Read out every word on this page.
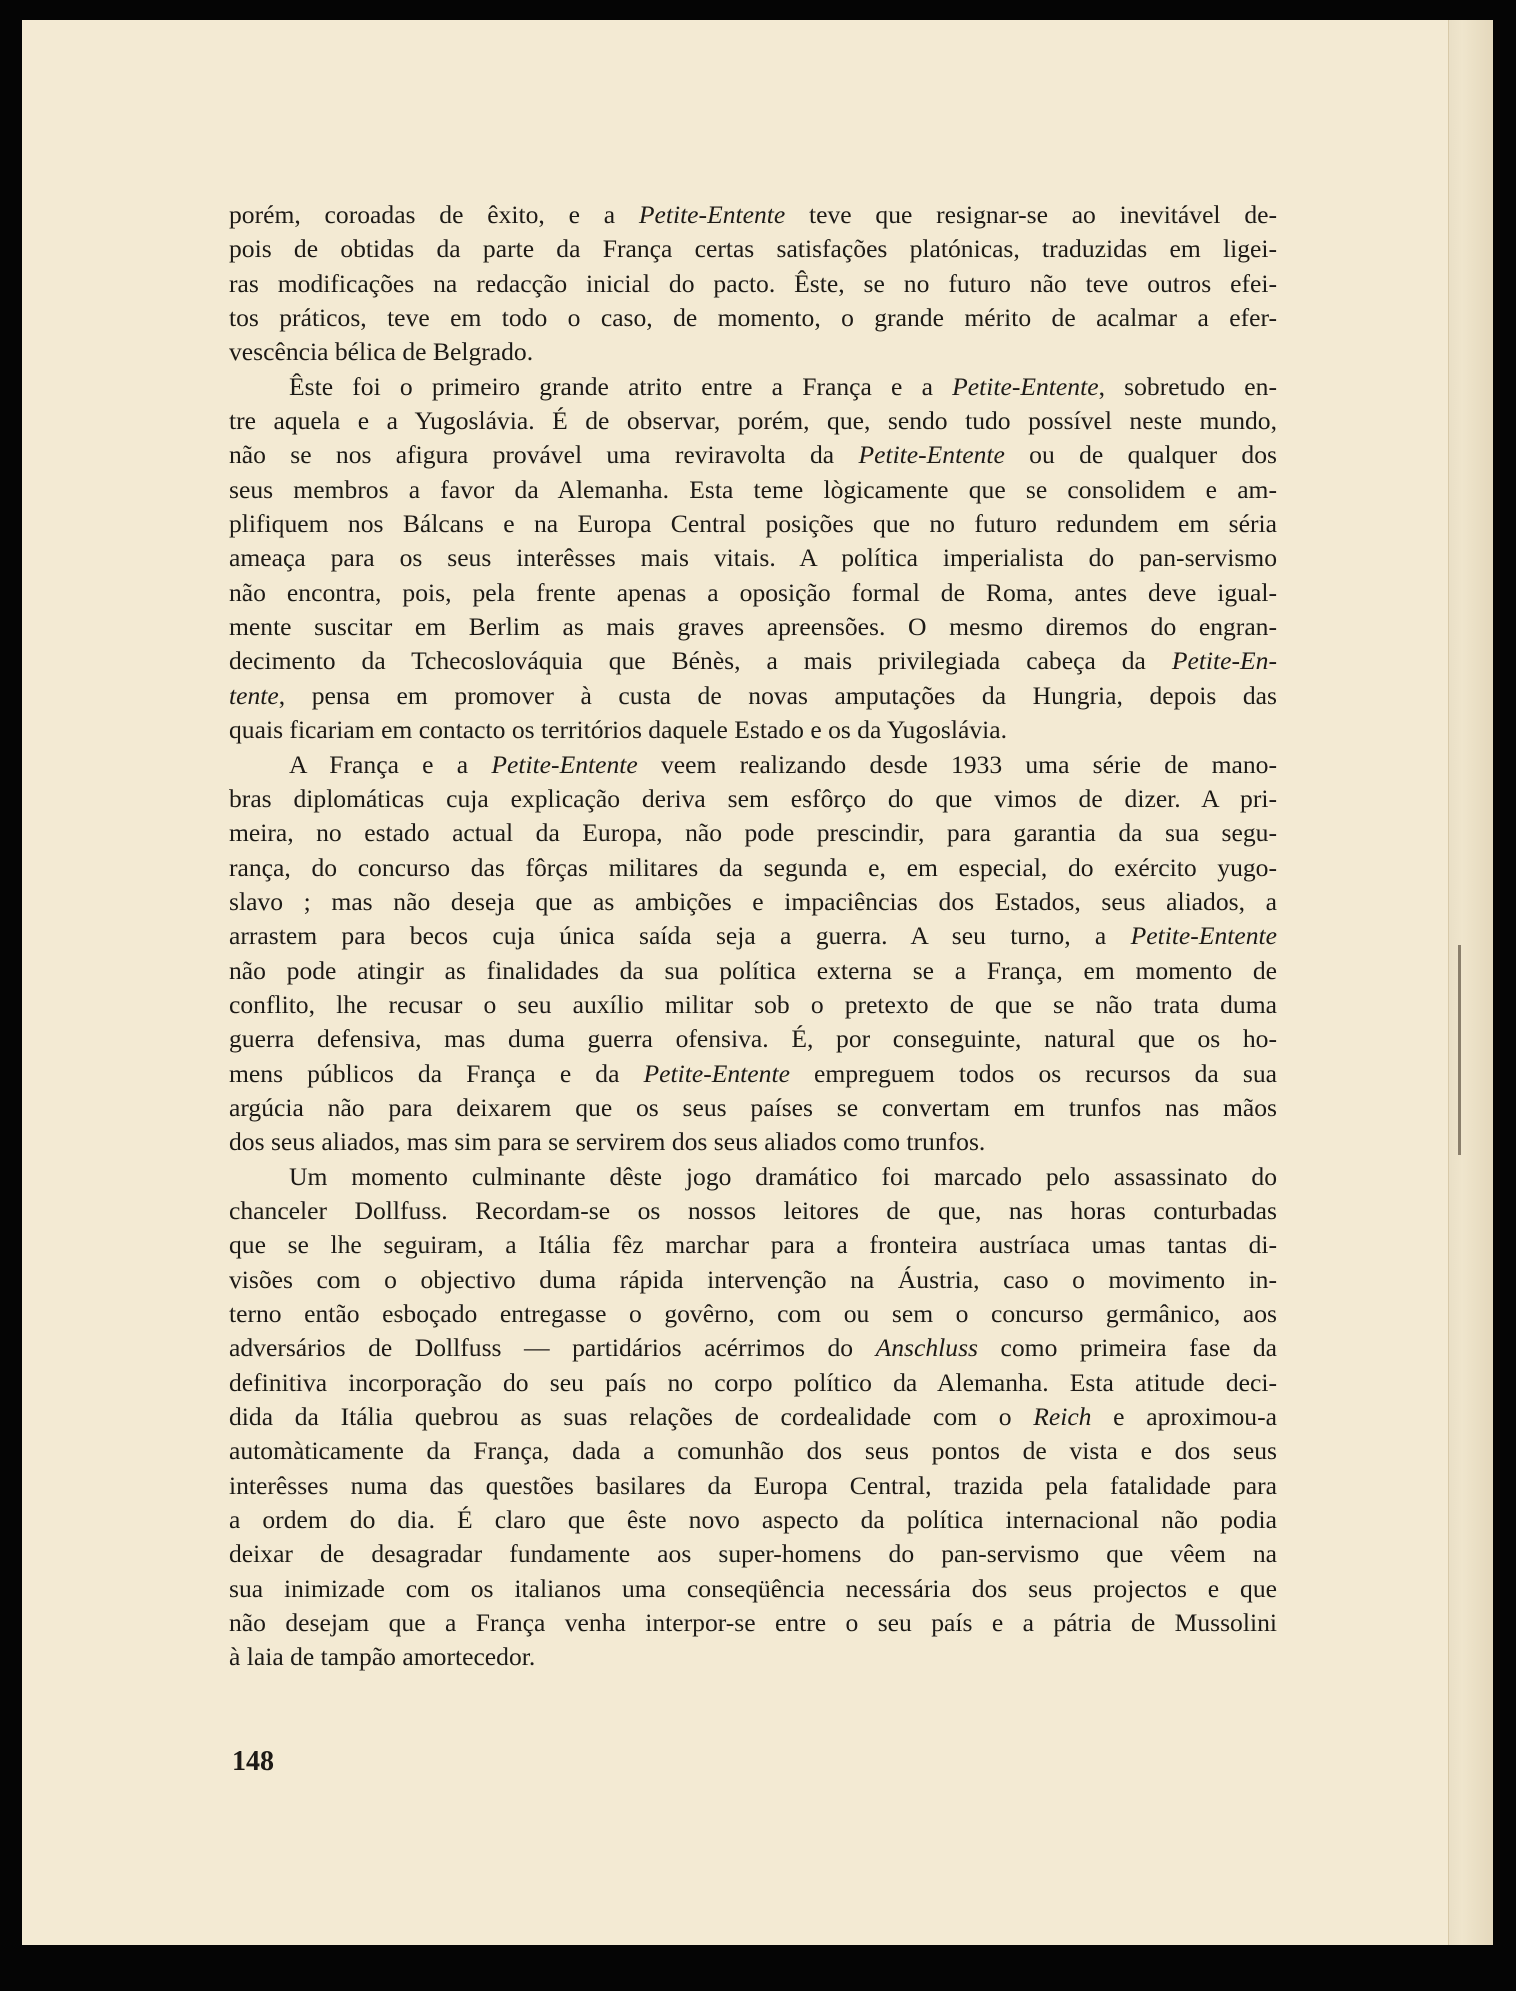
porém, coroadas de êxito, e a Petite-Entente teve que resignar-se ao inevitável de-
pois de obtidas da parte da França certas satisfações platónicas, traduzidas em ligei-
ras modificações na redacção inicial do pacto. Êste, se no futuro não teve outros efei-
tos práticos, teve em todo o caso, de momento, o grande mérito de acalmar a efer-
vescência bélica de Belgrado.
Êste foi o primeiro grande atrito entre a França e a Petite-Entente, sobretudo en-
tre aquela e a Yugoslávia. É de observar, porém, que, sendo tudo possível neste mundo,
não se nos afigura provável uma reviravolta da Petite-Entente ou de qualquer dos
seus membros a favor da Alemanha. Esta teme lògicamente que se consolidem e am-
plifiquem nos Bálcans e na Europa Central posições que no futuro redundem em séria
ameaça para os seus interêsses mais vitais. A política imperialista do pan-servismo
não encontra, pois, pela frente apenas a oposição formal de Roma, antes deve igual-
mente suscitar em Berlim as mais graves apreensões. O mesmo diremos do engran-
decimento da Tchecoslováquia que Bénès, a mais privilegiada cabeça da Petite-En-
tente, pensa em promover à custa de novas amputações da Hungria, depois das
quais ficariam em contacto os territórios daquele Estado e os da Yugoslávia.
A França e a Petite-Entente veem realizando desde 1933 uma série de mano-
bras diplomáticas cuja explicação deriva sem esfôrço do que vimos de dizer. A pri-
meira, no estado actual da Europa, não pode prescindir, para garantia da sua segu-
rança, do concurso das fôrças militares da segunda e, em especial, do exército yugo-
slavo ; mas não deseja que as ambições e impaciências dos Estados, seus aliados, a
arrastem para becos cuja única saída seja a guerra. A seu turno, a Petite-Entente
não pode atingir as finalidades da sua política externa se a França, em momento de
conflito, lhe recusar o seu auxílio militar sob o pretexto de que se não trata duma
guerra defensiva, mas duma guerra ofensiva. É, por conseguinte, natural que os ho-
mens públicos da França e da Petite-Entente empreguem todos os recursos da sua
argúcia não para deixarem que os seus países se convertam em trunfos nas mãos
dos seus aliados, mas sim para se servirem dos seus aliados como trunfos.
Um momento culminante dêste jogo dramático foi marcado pelo assassinato do
chanceler Dollfuss. Recordam-se os nossos leitores de que, nas horas conturbadas
que se lhe seguiram, a Itália fêz marchar para a fronteira austríaca umas tantas di-
visões com o objectivo duma rápida intervenção na Áustria, caso o movimento in-
terno então esboçado entregasse o govêrno, com ou sem o concurso germânico, aos
adversários de Dollfuss — partidários acérrimos do Anschluss como primeira fase da
definitiva incorporação do seu país no corpo político da Alemanha. Esta atitude deci-
dida da Itália quebrou as suas relações de cordealidade com o Reich e aproximou-a
automàticamente da França, dada a comunhão dos seus pontos de vista e dos seus
interêsses numa das questões basilares da Europa Central, trazida pela fatalidade para
a ordem do dia. É claro que êste novo aspecto da política internacional não podia
deixar de desagradar fundamente aos super-homens do pan-servismo que vêem na
sua inimizade com os italianos uma conseqüência necessária dos seus projectos e que
não desejam que a França venha interpor-se entre o seu país e a pátria de Mussolini
à laia de tampão amortecedor.
148
